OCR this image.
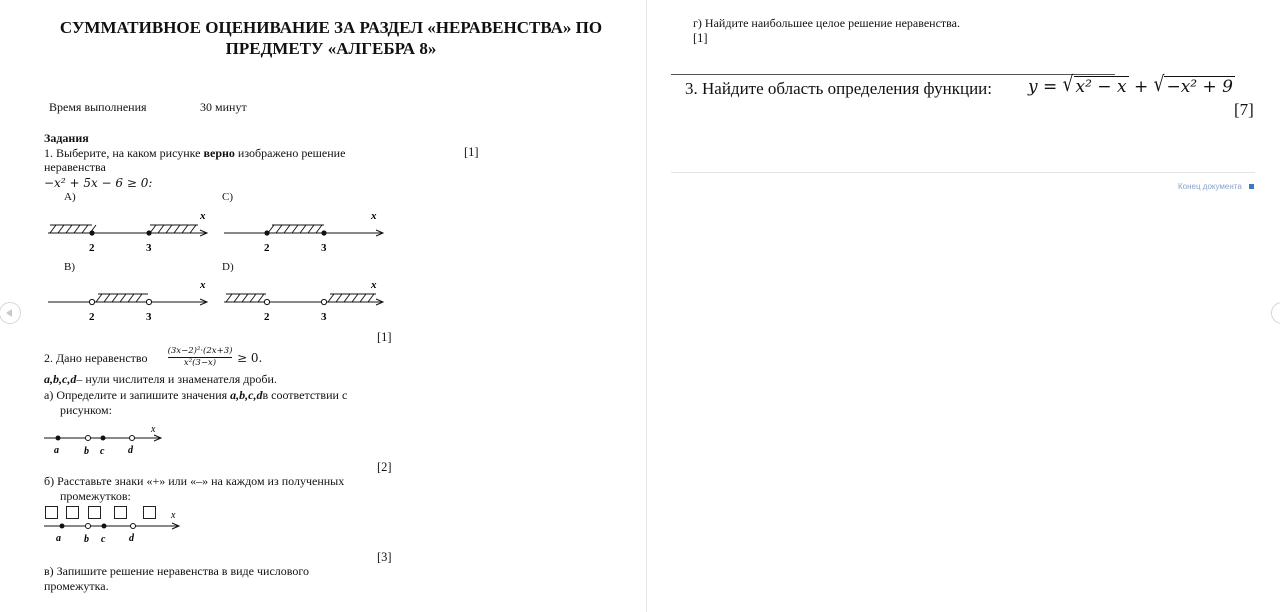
СУММАТИВНОЕ ОЦЕНИВАНИЕ ЗА РАЗДЕЛ «НЕРАВЕНСТВА» ПО
ПРЕДМЕТУ «АЛГЕБРА 8»
Время выполнения	30 минут
Задания
1. Выберите, на каком рисунке верно изображено решение	[1]
неравенства
−x² + 5x − 6 ≥ 0:
A)	C)
B)	D)
x
2	3
x
2	3
x
2	3
x
2	3
[1]
2. Дано неравенство	(3x−2)²·(2x+3)
x²(3−x)	≥ 0.
a,b,c,d– нули числителя и знаменателя дроби.
а) Определите и запишите значения a,b,c,dв соответствии с
рисунком:
x
a	b c d
[2]
б) Расставьте знаки «+» или «–» на каждом из полученных
промежутков:
x
a b c d
[3]
в) Запишите решение неравенства в виде числового
промежутка.
г) Найдите наибольшее целое решение неравенства.
[1]
3. Найдите область определения функции: y = √ x² − x + √ −x² + 9
[7]
Конец документа
